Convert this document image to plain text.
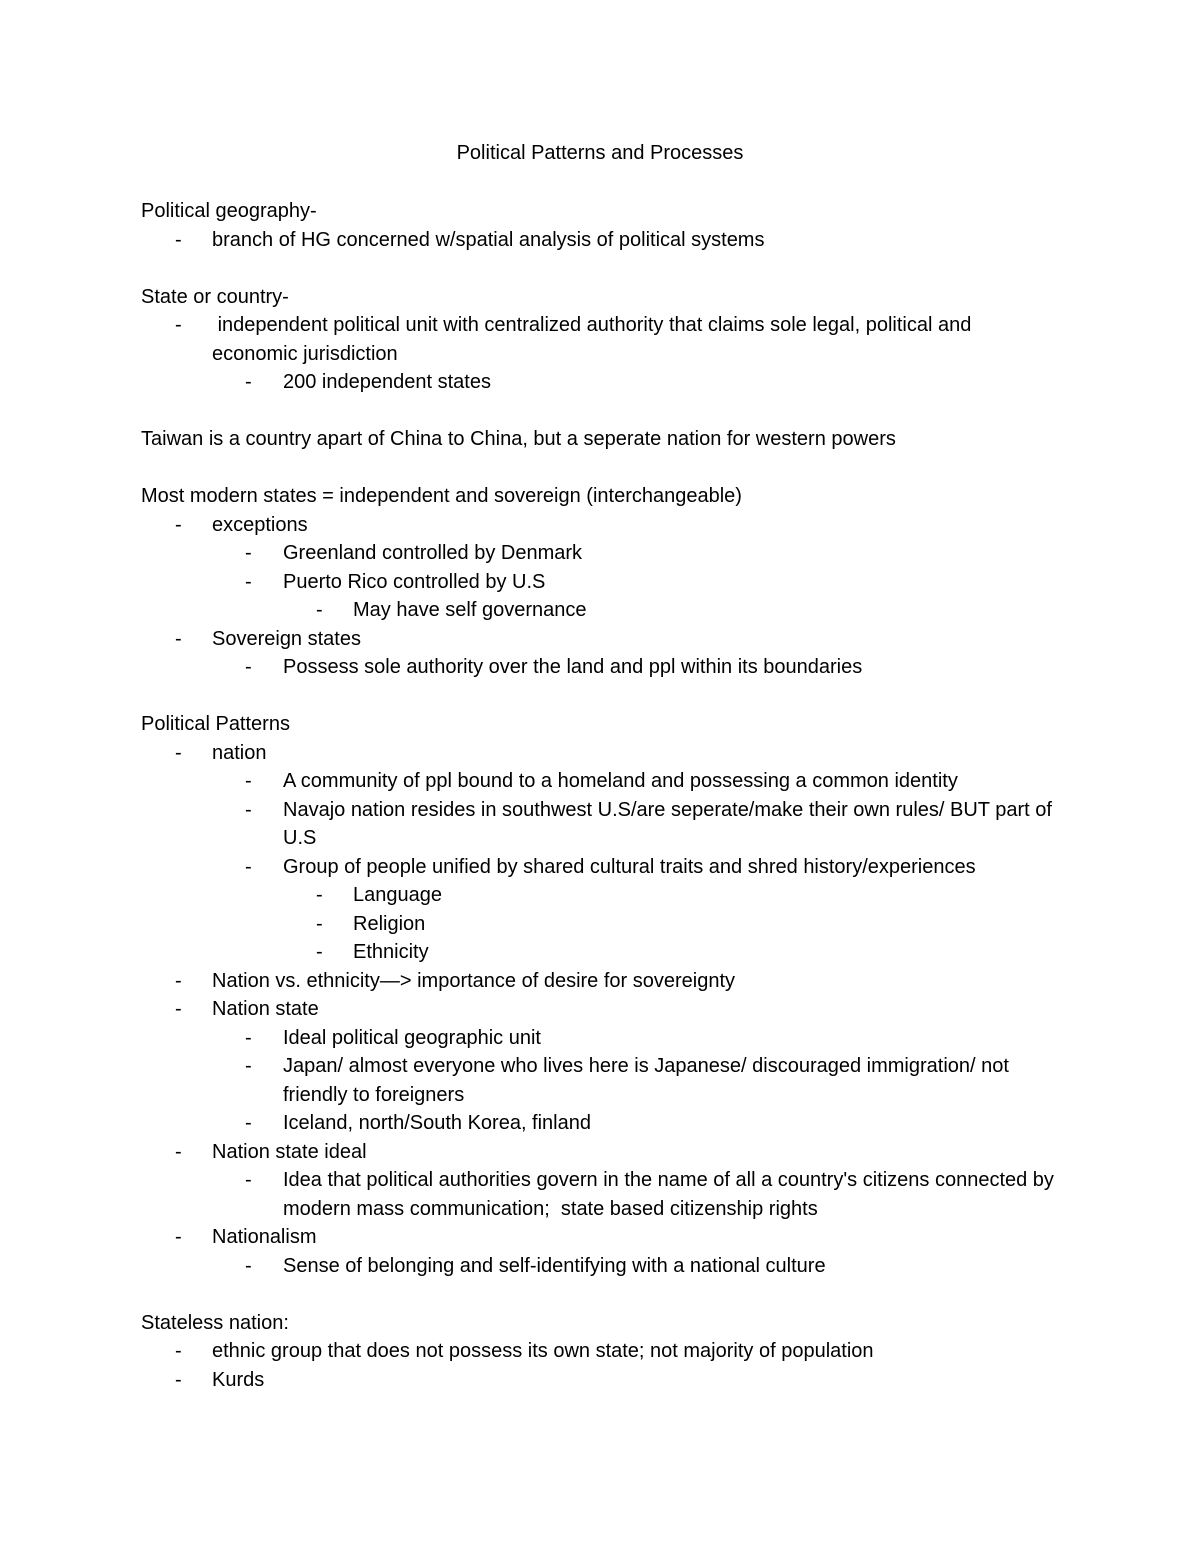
Political Patterns and Processes
Political geography-
- branch of HG concerned w/spatial analysis of political systems
State or country-
- independent political unit with centralized authority that claims sole legal, political and economic jurisdiction
- 200 independent states
Taiwan is a country apart of China to China, but a seperate nation for western powers
Most modern states = independent and sovereign (interchangeable)
- exceptions
- Greenland controlled by Denmark
- Puerto Rico controlled by U.S
- May have self governance
- Sovereign states
- Possess sole authority over the land and ppl within its boundaries
Political Patterns
- nation
- A community of ppl bound to a homeland and possessing a common identity
- Navajo nation resides in southwest U.S/are seperate/make their own rules/ BUT part of U.S
- Group of people unified by shared cultural traits and shred history/experiences
- Language
- Religion
- Ethnicity
- Nation vs. ethnicity—> importance of desire for sovereignty
- Nation state
- Ideal political geographic unit
- Japan/ almost everyone who lives here is Japanese/ discouraged immigration/ not friendly to foreigners
- Iceland, north/South Korea, finland
- Nation state ideal
- Idea that political authorities govern in the name of all a country's citizens connected by modern mass communication;  state based citizenship rights
- Nationalism
- Sense of belonging and self-identifying with a national culture
Stateless nation:
- ethnic group that does not possess its own state; not majority of population
- Kurds
